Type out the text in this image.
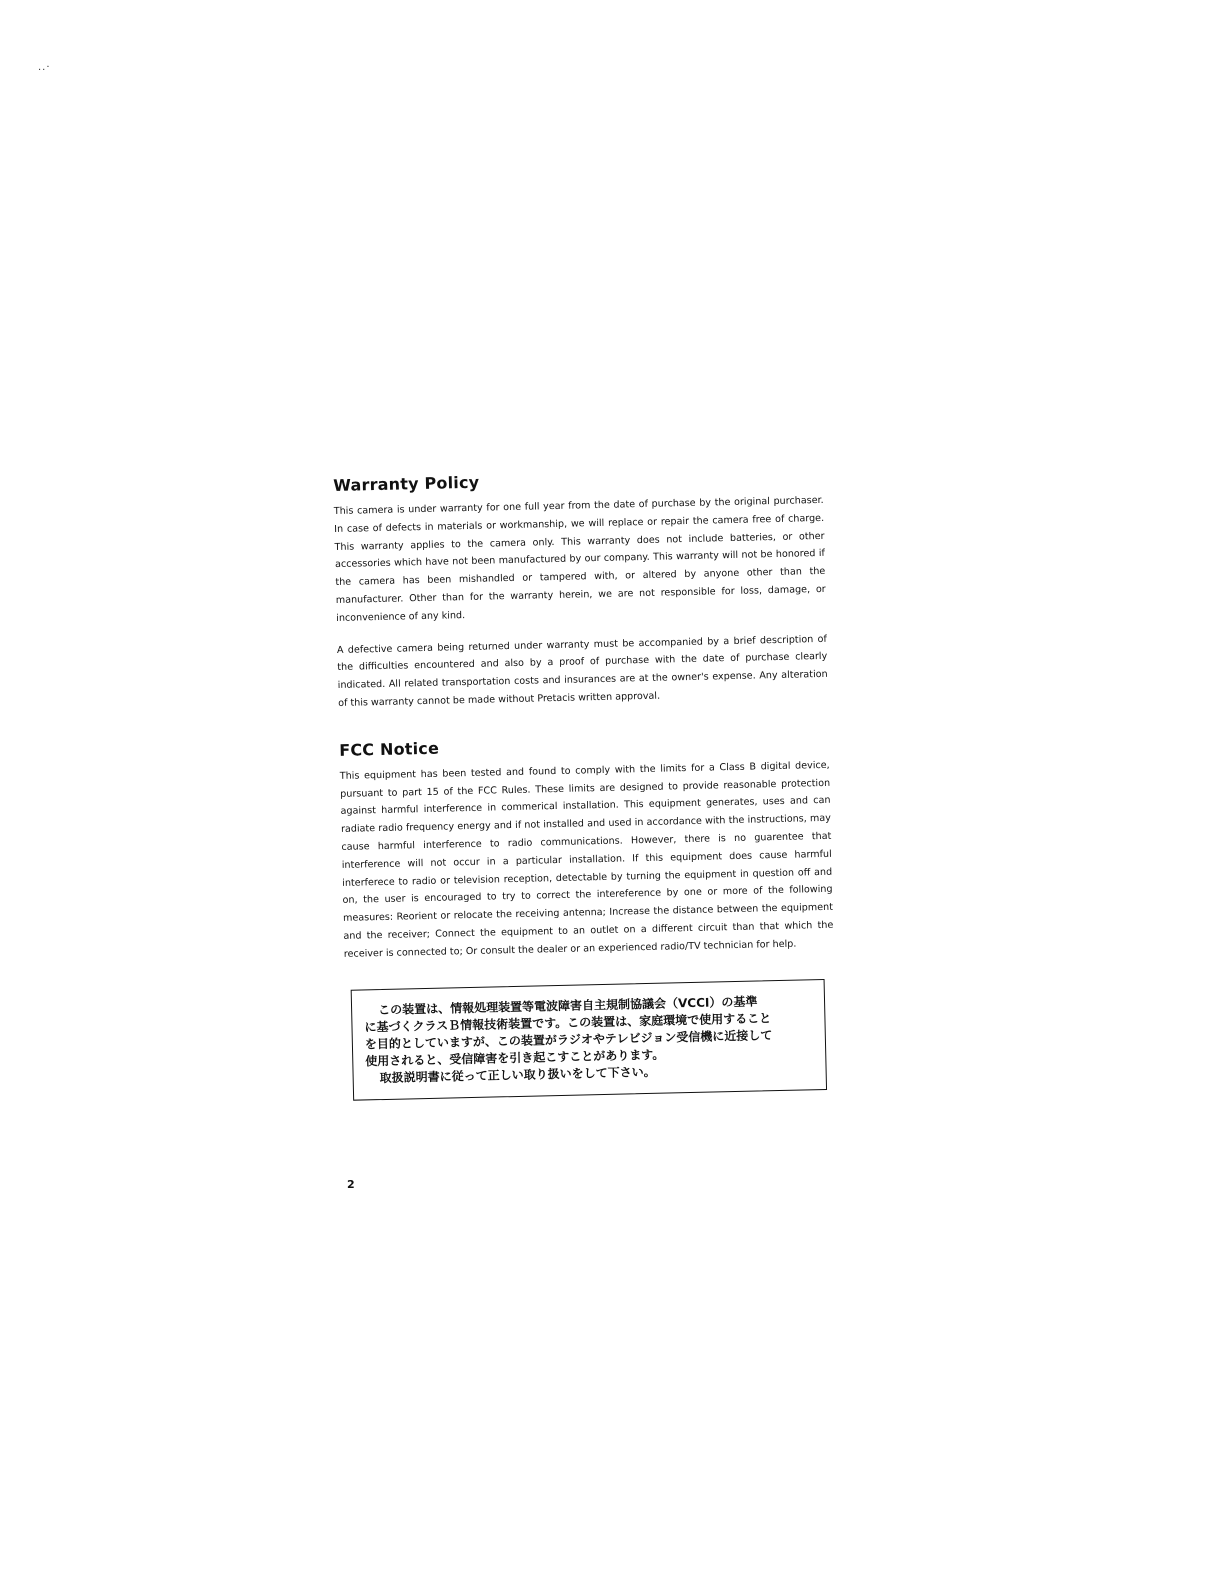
..·
Warranty Policy

This camera is under warranty for one full year from the date of purchase by the original purchaser. In case of defects in materials or workmanship, we will replace or repair the camera free of charge. This warranty applies to the camera only. This warranty does not include batteries, or other accessories which have not been manufactured by our company. This warranty will not be honored if the camera has been mishandled or tampered with, or altered by anyone other than the manufacturer. Other than for the warranty herein, we are not responsible for loss, damage, or inconvenience of any kind.

A defective camera being returned under warranty must be accompanied by a brief description of the difficulties encountered and also by a proof of purchase with the date of purchase clearly indicated. All related transportation costs and insurances are at the owner's expense. Any alteration of this warranty cannot be made without Pretacis written approval.

FCC Notice

This equipment has been tested and found to comply with the limits for a Class B digital device, pursuant to part 15 of the FCC Rules. These limits are designed to provide reasonable protection against harmful interference in commerical installation. This equipment generates, uses and can radiate radio frequency energy and if not installed and used in accordance with the instructions, may cause harmful interference to radio communications. However, there is no guarentee that interference will not occur in a particular installation. If this equipment does cause harmful interferece to radio or television reception, detectable by turning the equipment in question off and on, the user is encouraged to try to correct the intereference by one or more of the following measures: Reorient or relocate the receiving antenna; Increase the distance between the equipment and the receiver; Connect the equipment to an outlet on a different circuit than that which the receiver is connected to; Or consult the dealer or an experienced radio/TV technician for help.

この装置は、情報処理装置等電波障害自主規制協議会（VCCI）の基準
に基づくクラスＢ情報技術装置です。この装置は、家庭環境で使用すること
を目的としていますが、この装置がラジオやテレビジョン受信機に近接して
使用されると、受信障害を引き起こすことがあります。
取扱説明書に従って正しい取り扱いをして下さい。
2
